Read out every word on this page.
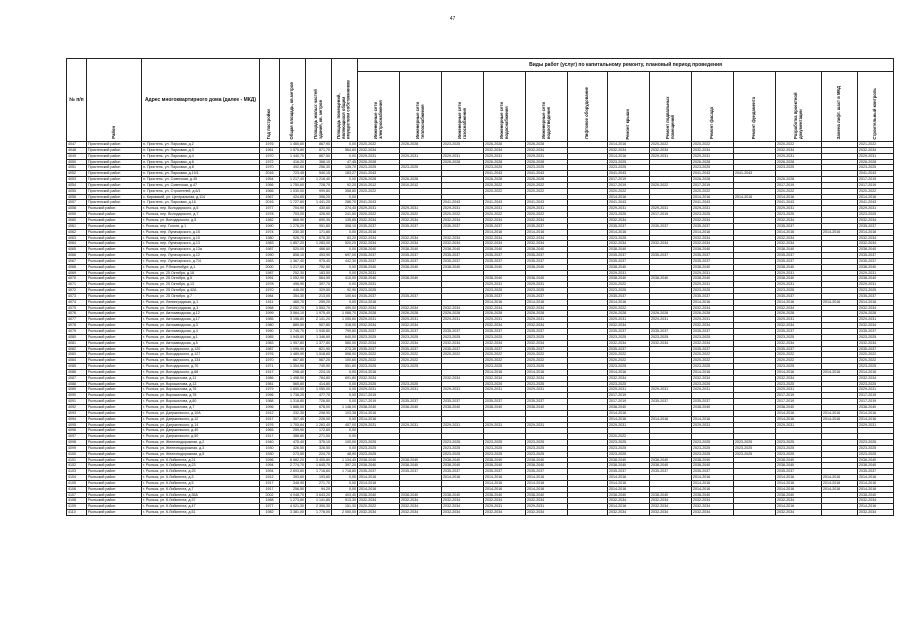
47
№ п/п	Район	Адрес многоквартирного дома (далее - МКД)	Год постройки	Общая площадь, кв.метров	Площадь жилых частей здания, кв. метров	Площадь помещений, являющихся общим имуществом собственников	Виды работ (услуг) по капитальному ремонту, плановый период проведения												
							Инженерные сети электроснабжения	Инженерные сети теплоснабжения	Инженерные сети газоснабжения	Инженерные сети водоснабжения	Инженерные сети водоотведения	Лифтовое оборудование	Ремонт крыши	Ремонт подвальных помещений	Ремонт фасада	Ремонт фундамента	Разработка проектной документации	Замена лифт. шахт в МКД	Строительный контроль
4047	Пристенский район	п. Пристень, ул. Парковая, д.2	1976	1 460,60	867,90	0,00	2020-2022	2026-2028	2023-2025	2026-2028	2026-2028		2014-2016	2020-2022	2020-2022		2020-2022		2021-2022
4048	Пристенский район	п. Пристень, ул. Парковая, д.3	1961	1 575,80	871,70	564,60	2032-2034			2032-2034	2032-2034		2032-2034	2032-2034	2032-2034		2032-2034		2032-2034
4049	Пристенский район	п. Пристень, ул. Парковая, д.4	1970	1 440,70	867,50	0,00	2029-2031	2029-2031	2029-2031	2029-2031	2029-2031		2014-2016	2029-2031	2029-2031		2029-2031		2029-2031
4050	Пристенский район	п. Пристень, ул. Парковая, д.6	1972	416,20	368,10	47,45	2026-2028		2026-2028	2026-2028	2026-2028		2023-2025		2026-2028		2026-2028		2026-2028
4051	Пристенский район	п. Пристень, ул. Парковая, д.8	1970	492,60	256,30	135,70	2023-2025	2023-2025		2023-2025	2023-2025		2023-2025		2023-2025		2023-2025		2023-2025
4052	Пристенский район	п. Пристень, ул. Парковая, д.10/1	2016	723,45	540,15	183,27	2041-2043			2041-2043	2041-2043		2041-2043		2041-2043	2041-2043			2041-2043
4053	Пристенский район	п. Пристень, ул. Советская, д.45	1954	1 217,40	1 216,40	0,00	2026-2028	2026-2028		2026-2028	2026-2028		2017-2019		2026-2028		2026-2028		2017-2019
4054	Пристенский район	п. Пристень, ул. Советская, д.47	1956	1 750,60	728,70	92,20	2010-2012	2010-2012		2020-2022	2020-2022		2017-2019	2020-2022	2017-2019		2017-2019		2017-2019
4055	Пристенский район	п. Пристень, ул. Строителей, д.6/1	1966	1 030,00	999,80	358,80	2020-2022			2020-2022	2020-2022		2020-2022		2020-2022		2020-2022		2020-2022
4056	Пристенский район	с. Кировский, ул. Центральная, д.114	1967	424,60	396,20	0,00							2014-2016		2014-2016	2014-2016	2014-2016		2014-2016
4057	Пристенский район	п. Пристень, ул. Парковая, д.16	2016	1 727,60	1 441,20	286,70	2041-2043		2041-2043	2041-2043	2041-2043		2041-2043		2041-2043		2041-2043		2041-2043
4058	Рыльский район	г. Рыльск, пер. Володарского, д.5	1977	704,90	430,60	274,40	2029-2031	2029-2031	2029-2031	2029-2031	2029-2031		2029-2031	2029-2031	2029-2031		2029-2031		2029-2031
4059	Рыльский район	г. Рыльск, пер. Володарского, д.7	1978	703,00	426,90	241,50	2020-2022	2020-2022	2020-2022	2020-2022	2020-2022		2023-2025	2017-2019	2023-2025		2023-2025		2023-2025
4060	Рыльский район	г. Рыльск, ул. Володарского, д.5	1982	866,90	690,30	135,85	2032-2034	2032-2034	2032-2034	2032-2034	2032-2034		2032-2034		2032-2034		2032-2034		2032-2034
4061	Рыльский район	г. Рыльск, пер. Гоголя, д.1	1990	1 276,20	951,80	308,10	2035-2037	2035-2037	2035-2037	2035-2037	2035-2037		2035-2037	2035-2037	2035-2037		2035-2037		2035-2037
4062	Рыльский район	г. Рыльск, пер. Луначарского, д.15	1974	230,30	171,80	0,00	2014-2016			2014-2016	2014-2016		2014-2016		2014-2016		2014-2016	2014-2016	2014-2016
4063	Рыльский район	г. Рыльск, пер. Луначарского, д.10	1980	926,70	676,30	83,20	2032-2034	2032-2034	2032-2034	2032-2034	2032-2034		2023-2025		2032-2034		2032-2034		2032-2034
4064	Рыльский район	г. Рыльск, пер. Луначарского, д.13	1983	1 857,20	1 283,00	520,20	2032-2034	2032-2034	2032-2034	2032-2034	2032-2034		2032-2034	2032-2034	2032-2034		2032-2034		2032-2034
4065	Рыльский район	г. Рыльск, пер. Луначарского, д.13а	1987	520,00	466,60	0,00	2038-2040	2038-2040	2038-2040	2038-2040	2038-2040		2038-2040		2038-2040		2038-2040		2038-2040
4066	Рыльский район	г. Рыльск, пер. Луначарского, д.12	1990	858,10	493,90	697,00	2035-2037	2035-2037	2035-2037	2035-2037	2035-2037		2035-2037	2035-2037	2035-2037		2035-2037		2035-2037
4067	Рыльский район	г. Рыльск, пер. Луначарского, д.7/4	1983	1 367,40	975,40	442,30	2035-2037	2035-2037	2035-2037	2035-2037	2035-2037		2035-2037		2035-2037		2035-2037		2035-2037
4068	Рыльский район	г. Рыльск, ул. Р.Люксембург, д.1	2000	1 217,60	752,50	0,00	2038-2040	2038-2040	2038-2040	2038-2040	2038-2040		2038-2040		2038-2040		2038-2040		2038-2040
4069	Рыльский район	г. Рыльск, ул. 25 Октября, д.18	1987	252,30	183,50	0,00	2029-2031						2029-2031		2029-2031		2029-2031		2029-2031
4070	Рыльский район	г. Рыльск, ул. 25 Октября, д.5	1991	1 052,90	564,90	410,00	2038-2040	2038-2040		2038-2040	2038-2040		2038-2040	2038-2040	2038-2040		2038-2040		2038-2040
4071	Рыльский район	г. Рыльск, ул. 25 Октября, д.13	1978	496,90	397,70	0,00	2029-2031			2029-2031	2029-2031		2020-2022		2029-2031		2029-2031		2029-2031
4072	Рыльский район	г. Рыльск, ул. 25 Октября, д.42А	1970	446,00	329,50	92,90	2023-2025			2023-2025	2023-2025		2023-2025		2023-2025		2023-2025		2023-2025
4073	Рыльский район	г. Рыльск, ул. 25 Октября, д.7	1984	354,30	213,00	100,64	2035-2037	2035-2037		2035-2037	2035-2037		2035-2037		2035-2037		2035-2037		2035-2037
4074	Рыльский район	г. Рыльск, ул. Ленинградская, д.1	1911	460,70	259,20	0,00	2014-2016			2014-2016	2014-2016		2014-2016		2014-2016		2014-2016	2014-2016	2014-2016
4075	Рыльский район	г. Рыльск, ул. Ленинградская, д.3	1968	2 052,70	1 553,70	499,00	2032-2034	2032-2034	2032-2034	2032-2034	2032-2034		2020-2022		2032-2034		2032-2034		2032-2034
4076	Рыльский район	г. Рыльск, ул. Автозаводская, д.12	1999	3 064,10	1 975,40	1 088,70	2026-2028	2026-2028	2026-2028	2026-2028	2026-2028		2026-2028	2026-2028	2026-2028		2026-2028		2026-2028
4077	Рыльский район	г. Рыльск, ул. Автозаводская, д.17	1985	3 196,80	2 141,20	1 055,60	2029-2031	2029-2031	2029-2031	2029-2031	2029-2031		2029-2031	2029-2031	2029-2031		2029-2031		2029-2031
4078	Рыльский район	г. Рыльск, ул. Автозаводская, д.3	1980	889,50	507,80	318,00	2032-2034	2032-2034		2032-2034	2032-2034		2032-2034		2032-2034		2032-2034		2032-2034
4079	Рыльский район	г. Рыльск, ул. Автозаводская, д.4	1990	2 745,70	1 945,80	799,80	2035-2037	2035-2037	2035-2037	2035-2037	2035-2037		2035-2037	2035-2037	2035-2037		2035-2037		2035-2037
4080	Рыльский район	г. Рыльск, ул. Автозаводская, д.1	1985	1 945,60	1 346,60	640,00	2023-2025	2023-2025	2023-2025	2023-2025	2023-2025		2023-2025	2023-2025	2023-2025		2023-2025		2023-2025
4081	Рыльский район	г. Рыльск, ул. Автозаводская, д.5	1983	1 957,80	1 377,80	580,00	2032-2034	2032-2034	2032-2034	2032-2034	2032-2034		2032-2034	2032-2034	2032-2034		2032-2034		2032-2034
4082	Рыльский район	г. Рыльск, ул. Володарского, д.120	1987	1 095,90	821,90	273,39	2035-2037	2035-2037	2035-2037	2035-2037	2035-2037		2035-2037		2035-2037		2035-2037		2035-2037
4083	Рыльский район	г. Рыльск, ул. Володарского, д.127	1976	1 489,90	1 518,60	598,00	2020-2022	2020-2022	2020-2022	2020-2022	2020-2022		2020-2022		2020-2022		2020-2022		2020-2022
4084	Рыльский район	г. Рыльск, ул. Володарского, д.134	1970	667,80	567,20	100,60	2020-2022	2020-2022		2020-2022	2020-2022		2020-2022		2020-2022		2020-2022		2020-2022
4085	Рыльский район	г. Рыльск, ул. Володарского, д.70	1971	1 354,90	740,90	551,60	2023-2025	2023-2025		2023-2025	2023-2025		2023-2025		2023-2025		2023-2025		2023-2025
4086	Рыльский район	г. Рыльск, ул. Володарского, д.68	1917	298,40	224,10	0,00	2014-2016			2014-2016	2014-2016		2014-2016		2014-2016		2014-2016	2014-2016	2014-2016
4087	Рыльский район	г. Рыльск, ул. Ворошилова, д.11	1986	1 498,90	784,80	691,80	2032-2034		2032-2034	2032-2034	2032-2034		2032-2034		2032-2034		2032-2034		2032-2034
4088	Рыльский район	г. Рыльск, ул. Ворошилова, д.13	1981	565,80	414,80	0,00	2023-2025	2023-2025		2023-2025	2023-2025		2023-2025		2023-2025		2023-2025		2023-2025
4089	Рыльский район	г. Рыльск, ул. Ворошилова, д.76	1979	1 690,00	1 050,00	0,00	2029-2031	2029-2031	2029-2031	2029-2031	2029-2031		2029-2031	2029-2031	2029-2031		2029-2031		2029-2031
4090	Рыльский район	г. Рыльск, ул. Ворошилова, д.78	1996	1 738,20	477,70	0,00	2017-2019						2017-2019				2017-2019		2017-2019
4091	Рыльский район	г. Рыльск, ул. Ворошилова, д.80	1988	1 318,80	726,50	0,00	2017-2019	2035-2037	2035-2037	2035-2037	2035-2037		2017-2019	2035-2037	2035-2037		2017-2019		2017-2019
4092	Рыльский район	г. Рыльск, ул. Ворошилова, д.7	1996	1 886,00	678,00	1 148,00	2038-2040	2038-2040	2038-2040	2038-2040	2038-2040		2038-2040		2038-2040		2038-2040		2038-2040
4093	Рыльский район	г. Рыльск, ул. Дзержинского, д.10А	1912	332,30	208,90	103,38	2014-2016						2014-2016				2014-2016	2014-2016	2014-2016
4094	Рыльский район	г. Рыльск, ул. Дзержинского, д.12	1917	307,40	226,00	0,00	2014-2016						2014-2016	2014-2016	2014-2016		2014-2016	2014-2016	2014-2016
4095	Рыльский район	г. Рыльск, ул. Дзержинского, д.14	1976	1 705,84	1 263,40	457,00	2029-2031	2029-2031	2029-2031	2029-2031	2029-2031		2029-2031		2029-2031		2029-2031		2029-2031
4096	Рыльский район	г. Рыльск, ул. Дзержинского, д.40	1965	259,90	172,60	0,00													
4097	Рыльский район	г. Рыльск, ул. Дзержинского, д.50	1917	388,80	271,00	0,00							2020-2022						
4098	Рыльский район	г. Рыльск, ул. Железнодорожная, д.2	1940	475,40	375,10	100,00	2023-2025		2023-2025	2023-2025	2023-2025		2023-2025		2023-2025	2023-2025	2023-2025		2023-2025
4099	Рыльский район	г. Рыльск, ул. Железнодорожная, д.3	1930	326,50	326,50	0,00	2023-2025		2023-2025	2023-2025	2023-2025		2023-2025		2023-2025	2023-2025	2023-2025		2023-2025
4100	Рыльский район	г. Рыльск, ул. Железнодорожная, д.5	1930	273,50	224,70	48,90	2023-2025		2023-2025	2023-2025	2023-2025		2023-2025		2023-2025	2023-2025	2023-2025		2023-2025
4101	Рыльский район	г. Рыльск, ул. К.Либкнехта, д.21	1996	6 582,20	3 405,80	1 134,40	2038-2040	2038-2040	2038-2040	2038-2040	2038-2040		2038-2040	2038-2040	2038-2040		2038-2040		2038-2040
4102	Рыльский район	г. Рыльск, ул. К.Либкнехта, д.23	1994	2 774,70	1 645,70	397,20	2038-2040	2038-2040	2038-2040	2038-2040	2038-2040		2038-2040	2038-2040	2038-2040		2038-2040		2038-2040
4103	Рыльский район	г. Рыльск, ул. К.Либкнехта, д.25	1994	2 693,80	1 718,80	1 718,80	2035-2037	2035-2037	2035-2037	2035-2037	2035-2037		2035-2037	2035-2037	2035-2037		2035-2037		2035-2037
4104	Рыльский район	г. Рыльск, ул. К.Либкнехта, д.3	1912	393,60	193,60	0,00	2014-2016		2014-2016	2014-2016	2014-2016		2014-2016		2014-2016		2014-2016	2014-2016	2014-2016
4105	Рыльский район	г. Рыльск, ул. К.Либкнехта, д.5	1917	348,90	271,70	0,00	2014-2016			2014-2016	2014-2016		2014-2016		2014-2016		2014-2016	2014-2016	2014-2016
4106	Рыльский район	г. Рыльск, ул. К.Либкнехта, д.7	1917	256,50	94,20	0,00	2014-2016			2014-2016	2014-2016		2014-2016		2014-2016		2014-2016	2014-2016	2014-2016
4107	Рыльский район	г. Рыльск, ул. К.Либкнехта, д.36А	2002	4 048,70	3 643,20	403,40	2038-2040	2038-2040	2038-2040	2038-2040	2038-2040		2038-2040	2038-2040	2038-2040		2038-2040		2038-2040
4108	Рыльский район	г. Рыльск, ул. К.Либкнехта, д.37	1988	1 273,80	1 141,80	913,30	2032-2034	2032-2034	2032-2034	2032-2034	2032-2034		2032-2034	2032-2034	2032-2034		2032-2034		2032-2034
4109	Рыльский район	г. Рыльск, ул. К.Либкнехта, д.47	1977	4 021,30	2 390,30	151,30	2020-2022	2032-2034	2032-2034	2029-2031	2029-2031		2014-2016	2032-2034	2032-2034		2014-2016		2014-2016
4110	Рыльский район	г. Рыльск, ул. К.Либкнехта, д.51	1982	3 381,00	1 776,00	2 050,00	2032-2034	2032-2034	2032-2034	2032-2034	2032-2034		2032-2034	2032-2034	2032-2034		2032-2034		2032-2034
